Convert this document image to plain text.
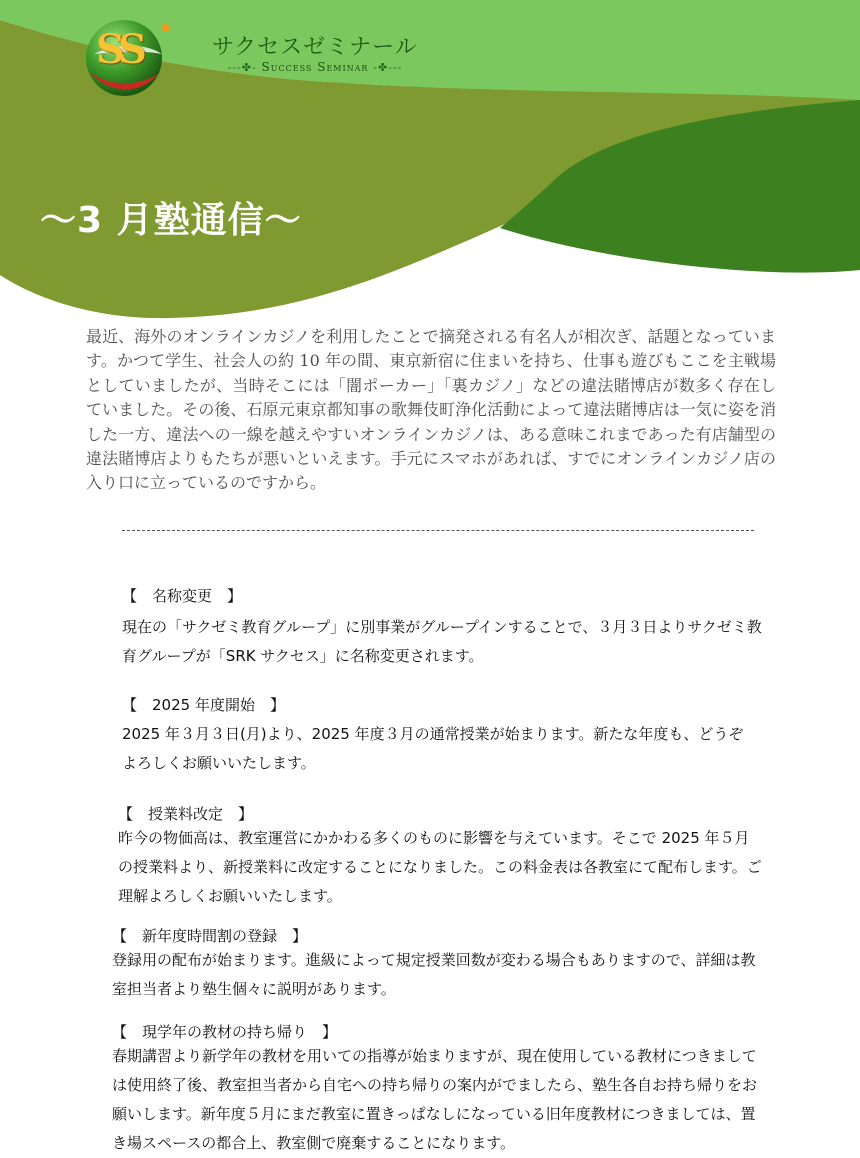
SS	サクセスゼミナール
‐‐‐✤‐ Success Seminar ‐✤‐‐‐
～3 月塾通信～
最近、海外のオンラインカジノを利用したことで摘発される有名人が相次ぎ、話題となっています。かつて学生、社会人の約 10 年の間、東京新宿に住まいを持ち、仕事も遊びもここを主戦場としていましたが、当時そこには「闇ポーカー」「裏カジノ」などの違法賭博店が数多く存在していました。その後、石原元東京都知事の歌舞伎町浄化活動によって違法賭博店は一気に姿を消した一方、違法への一線を越えやすいオンラインカジノは、ある意味これまであった有店舗型の違法賭博店よりもたちが悪いといえます。手元にスマホがあれば、すでにオンラインカジノ店の入り口に立っているのですから。
【　名称変更　】
現在の「サクゼミ教育グループ」に別事業がグループインすることで、３月３日よりサクゼミ教育グループが「SRK サクセス」に名称変更されます。
【　2025 年度開始　】
2025 年３月３日(月)より、2025 年度３月の通常授業が始まります。新たな年度も、どうぞよろしくお願いいたします。
【　授業料改定　】
昨今の物価高は、教室運営にかかわる多くのものに影響を与えています。そこで 2025 年５月の授業料より、新授業料に改定することになりました。この料金表は各教室にて配布します。ご理解よろしくお願いいたします。
【　新年度時間割の登録　】
登録用の配布が始まります。進級によって規定授業回数が変わる場合もありますので、詳細は教室担当者より塾生個々に説明があります。
【　現学年の教材の持ち帰り　】
春期講習より新学年の教材を用いての指導が始まりますが、現在使用している教材につきましては使用終了後、教室担当者から自宅への持ち帰りの案内がでましたら、塾生各自お持ち帰りをお願いします。新年度５月にまだ教室に置きっぱなしになっている旧年度教材につきましては、置き場スペースの都合上、教室側で廃棄することになります。
